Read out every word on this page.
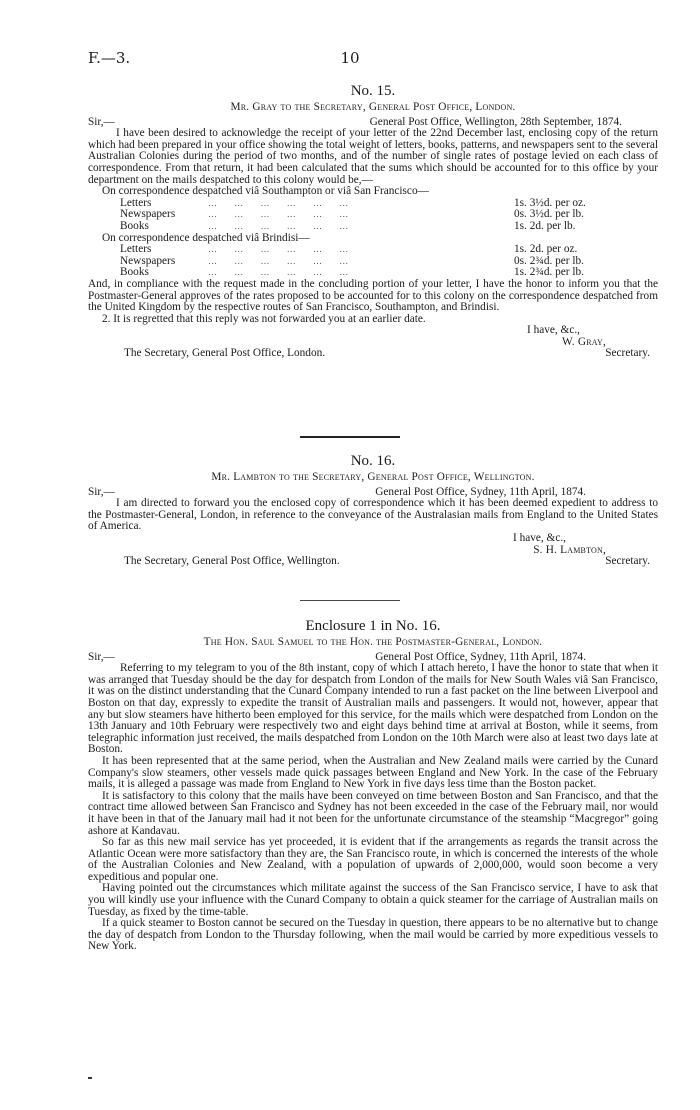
F.—3.	10
No. 15.
Mr. Gray to the Secretary, General Post Office, London.
Sir,—	General Post Office, Wellington, 28th September, 1874.

I have been desired to acknowledge the receipt of your letter of the 22nd December last, enclosing copy of the return which had been prepared in your office showing the total weight of letters, books, patterns, and newspapers sent to the several Australian Colonies during the period of two months, and of the number of single rates of postage levied on each class of correspondence. From that return, it had been calculated that the sums which should be accounted for to this office by your department on the mails despatched to this colony would be,—

On correspondence despatched viâ Southampton or viâ San Francisco—
Letters	…     …     …     …     …     …	1s. 3½d. per oz.
Newspapers	…     …     …     …     …     …	0s. 3½d. per lb.
Books	…     …     …     …     …     …	1s. 2d. per lb.
On correspondence despatched viâ Brindisi—
Letters	…     …     …     …     …     …	1s. 2d. per oz.
Newspapers	…     …     …     …     …     …	0s. 2¾d. per lb.
Books	…     …     …     …     …     …	1s. 2¾d. per lb.

And, in compliance with the request made in the concluding portion of your letter, I have the honor to inform you that the Postmaster-General approves of the rates proposed to be accounted for to this colony on the correspondence despatched from the United Kingdom by the respective routes of San Francisco, Southampton, and Brindisi.

2. It is regretted that this reply was not forwarded you at an earlier date.

I have, &c.,
W. Gray,
The Secretary, General Post Office, London.	Secretary.
No. 16.
Mr. Lambton to the Secretary, General Post Office, Wellington.
Sir,—	General Post Office, Sydney, 11th April, 1874.

I am directed to forward you the enclosed copy of correspondence which it has been deemed expedient to address to the Postmaster-General, London, in reference to the conveyance of the Australasian mails from England to the United States of America.

I have, &c.,
S. H. Lambton,
The Secretary, General Post Office, Wellington.	Secretary.
Enclosure 1 in No. 16.
The Hon. Saul Samuel to the Hon. the Postmaster-General, London.
Sir,—	General Post Office, Sydney, 11th April, 1874.

Referring to my telegram to you of the 8th instant, copy of which I attach hereto, I have the honor to state that when it was arranged that Tuesday should be the day for despatch from London of the mails for New South Wales viâ San Francisco, it was on the distinct understanding that the Cunard Company intended to run a fast packet on the line between Liverpool and Boston on that day, expressly to expedite the transit of Australian mails and passengers. It would not, however, appear that any but slow steamers have hitherto been employed for this service, for the mails which were despatched from London on the 13th January and 10th February were respectively two and eight days behind time at arrival at Boston, while it seems, from telegraphic information just received, the mails despatched from London on the 10th March were also at least two days late at Boston.

It has been represented that at the same period, when the Australian and New Zealand mails were carried by the Cunard Company's slow steamers, other vessels made quick passages between England and New York. In the case of the February mails, it is alleged a passage was made from England to New York in five days less time than the Boston packet.

It is satisfactory to this colony that the mails have been conveyed on time between Boston and San Francisco, and that the contract time allowed between San Francisco and Sydney has not been exceeded in the case of the February mail, nor would it have been in that of the January mail had it not been for the unfortunate circumstance of the steamship “Macgregor” going ashore at Kandavau.

So far as this new mail service has yet proceeded, it is evident that if the arrangements as regards the transit across the Atlantic Ocean were more satisfactory than they are, the San Francisco route, in which is concerned the interests of the whole of the Australian Colonies and New Zealand, with a population of upwards of 2,000,000, would soon become a very expeditious and popular one.

Having pointed out the circumstances which militate against the success of the San Francisco service, I have to ask that you will kindly use your influence with the Cunard Company to obtain a quick steamer for the carriage of Australian mails on Tuesday, as fixed by the time-table.

If a quick steamer to Boston cannot be secured on the Tuesday in question, there appears to be no alternative but to change the day of despatch from London to the Thursday following, when the mail would be carried by more expeditious vessels to New York.
